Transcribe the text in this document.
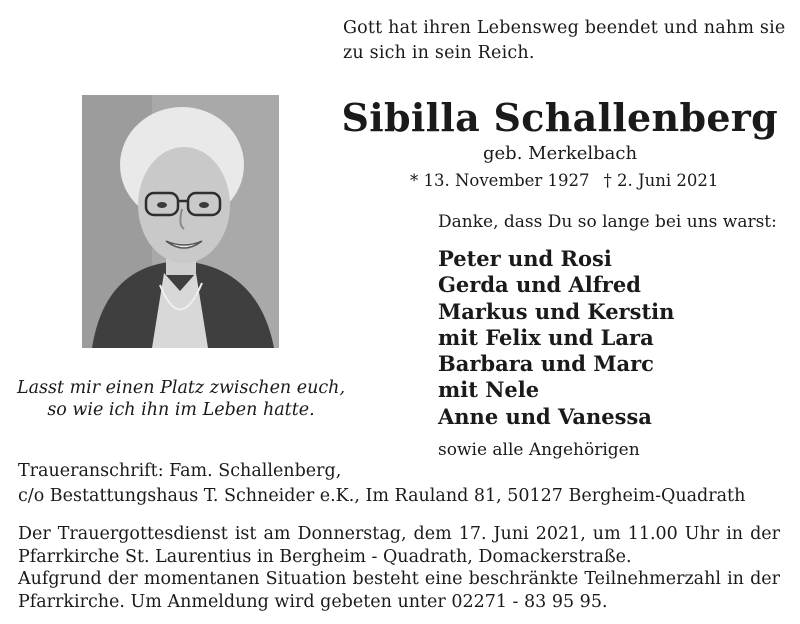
Gott hat ihren Lebensweg beendet und nahm sie zu sich in sein Reich.
Sibilla Schallenberg
geb. Merkelbach
* 13. November 1927 † 2. Juni 2021
Danke, dass Du so lange bei uns warst:
Peter und Rosi
Gerda und Alfred
Markus und Kerstin
mit Felix und Lara
Barbara und Marc
mit Nele
Anne und Vanessa
sowie alle Angehörigen
Lasst mir einen Platz zwischen euch,
so wie ich ihn im Leben hatte.
Traueranschrift: Fam. Schallenberg,
c/o Bestattungshaus T. Schneider e.K., Im Rauland 81, 50127 Bergheim-Quadrath
Der Trauergottesdienst ist am Donnerstag, dem 17. Juni 2021, um 11.00 Uhr in der Pfarrkirche St. Laurentius in Bergheim - Quadrath, Domackerstraße.
Aufgrund der momentanen Situation besteht eine beschränkte Teilnehmerzahl in der Pfarrkirche. Um Anmeldung wird gebeten unter 02271 - 83 95 95.
